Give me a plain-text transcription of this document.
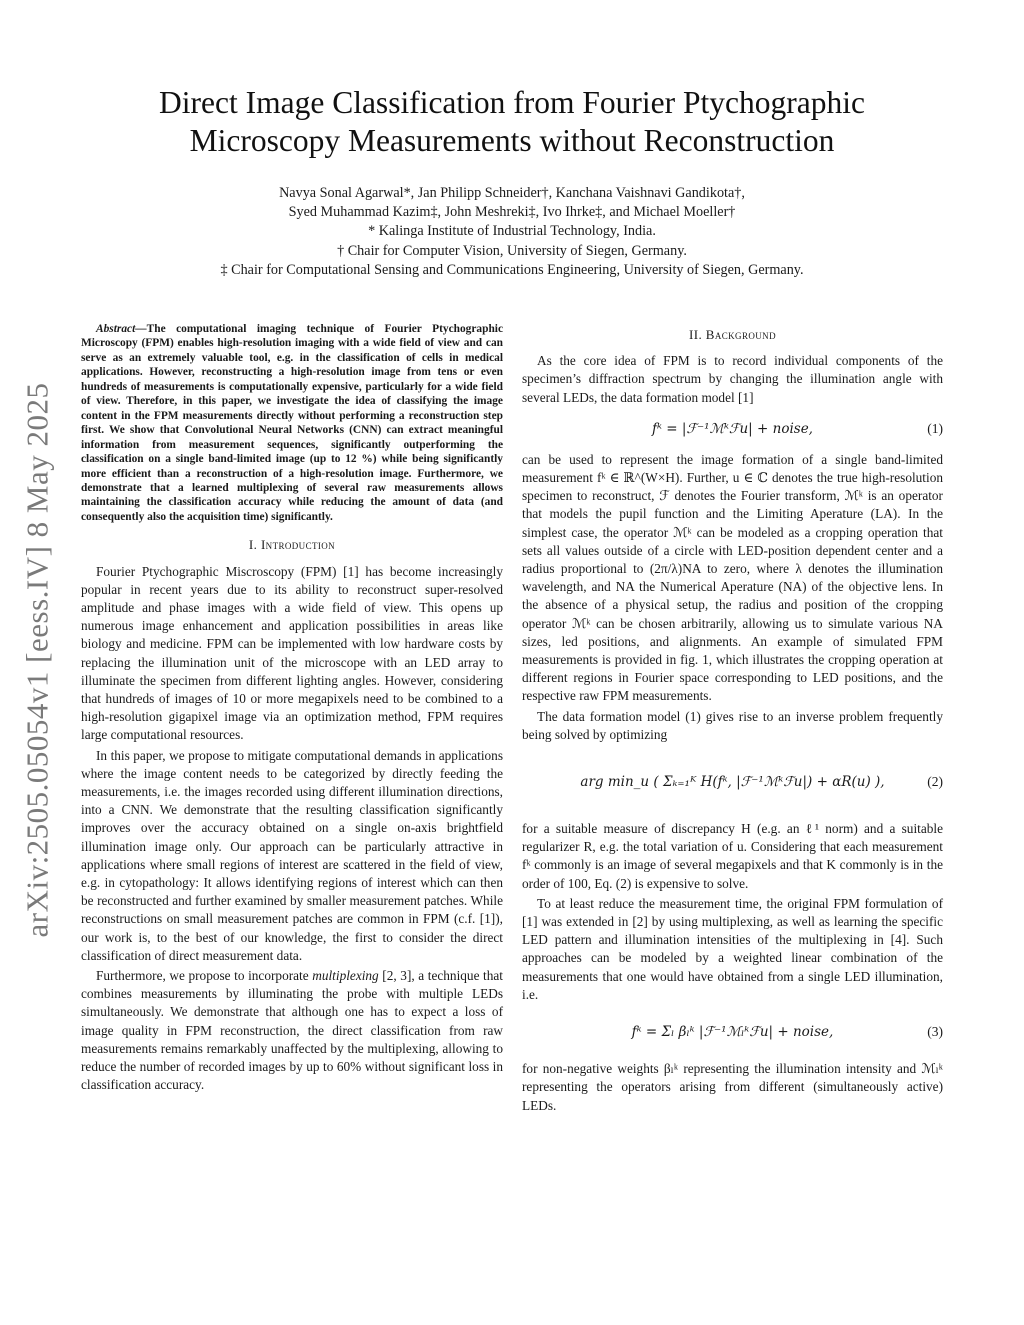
arXiv:2505.05054v1 [eess.IV] 8 May 2025
Direct Image Classification from Fourier Ptychographic
Microscopy Measurements without Reconstruction
Navya Sonal Agarwal*, Jan Philipp Schneider†, Kanchana Vaishnavi Gandikota†,
Syed Muhammad Kazim‡, John Meshreki‡, Ivo Ihrke‡, and Michael Moeller†
* Kalinga Institute of Industrial Technology, India.
† Chair for Computer Vision, University of Siegen, Germany.
‡ Chair for Computational Sensing and Communications Engineering, University of Siegen, Germany.

Abstract—The computational imaging technique of Fourier Ptychographic Microscopy (FPM) enables high-resolution imaging with a wide field of view and can serve as an extremely valuable tool, e.g. in the classification of cells in medical applications. However, reconstructing a high-resolution image from tens or even hundreds of measurements is computationally expensive, particularly for a wide field of view. Therefore, in this paper, we investigate the idea of classifying the image content in the FPM measurements directly without performing a reconstruction step first. We show that Convolutional Neural Networks (CNN) can extract meaningful information from measurement sequences, significantly outperforming the classification on a single band-limited image (up to 12 %) while being significantly more efficient than a reconstruction of a high-resolution image. Furthermore, we demonstrate that a learned multiplexing of several raw measurements allows maintaining the classification accuracy while reducing the amount of data (and consequently also the acquisition time) significantly.

I. Introduction

Fourier Ptychographic Miscroscopy (FPM) [1] has become increasingly popular in recent years due to its ability to reconstruct super-resolved amplitude and phase images with a wide field of view. This opens up numerous image enhancement and application possibilities in areas like biology and medicine. FPM can be implemented with low hardware costs by replacing the illumination unit of the microscope with an LED array to illuminate the specimen from different lighting angles. However, considering that hundreds of images of 10 or more megapixels need to be combined to a high-resolution gigapixel image via an optimization method, FPM requires large computational resources.

In this paper, we propose to mitigate computational demands in applications where the image content needs to be categorized by directly feeding the measurements, i.e. the images recorded using different illumination directions, into a CNN. We demonstrate that the resulting classification significantly improves over the accuracy obtained on a single on-axis brightfield illumination image only. Our approach can be particularly attractive in applications where small regions of interest are scattered in the field of view, e.g. in cytopathology: It allows identifying regions of interest which can then be reconstructed and further examined by smaller measurement patches. While reconstructions on small measurement patches are common in FPM (c.f. [1]), our work is, to the best of our knowledge, the first to consider the direct classification of direct measurement data.

Furthermore, we propose to incorporate multiplexing [2, 3], a technique that combines measurements by illuminating the probe with multiple LEDs simultaneously. We demonstrate that although one has to expect a loss of image quality in FPM reconstruction, the direct classification from raw measurements remains remarkably unaffected by the multiplexing, allowing to reduce the number of recorded images by up to 60% without significant loss in classification accuracy.

II. Background

As the core idea of FPM is to record individual components of the specimen’s diffraction spectrum by changing the illumination angle with several LEDs, the data formation model [1]

fᵏ = |ℱ⁻¹ℳᵏℱu| + noise,	(1)

can be used to represent the image formation of a single band-limited measurement fᵏ ∈ ℝ^(W×H). Further, u ∈ ℂ denotes the true high-resolution specimen to reconstruct, ℱ denotes the Fourier transform, ℳᵏ is an operator that models the pupil function and the Limiting Aperature (LA). In the simplest case, the operator ℳᵏ can be modeled as a cropping operation that sets all values outside of a circle with LED-position dependent center and a radius proportional to (2π/λ)NA to zero, where λ denotes the illumination wavelength, and NA the Numerical Aperature (NA) of the objective lens. In the absence of a physical setup, the radius and position of the cropping operator ℳᵏ can be chosen arbitrarily, allowing us to simulate various NA sizes, led positions, and alignments. An example of simulated FPM measurements is provided in fig. 1, which illustrates the cropping operation at different regions in Fourier space corresponding to LED positions, and the respective raw FPM measurements.

The data formation model (1) gives rise to an inverse problem frequently being solved by optimizing

arg min_u ( Σₖ₌₁ᴷ H(fᵏ, |ℱ⁻¹ℳᵏℱu|) + αR(u) ),	(2)

for a suitable measure of discrepancy H (e.g. an ℓ¹ norm) and a suitable regularizer R, e.g. the total variation of u. Considering that each measurement fᵏ commonly is an image of several megapixels and that K commonly is in the order of 100, Eq. (2) is expensive to solve.

To at least reduce the measurement time, the original FPM formulation of [1] was extended in [2] by using multiplexing, as well as learning the specific LED pattern and illumination intensities of the multiplexing in [4]. Such approaches can be modeled by a weighted linear combination of the measurements that one would have obtained from a single LED illumination, i.e.

fᵏ = Σₗ βₗᵏ |ℱ⁻¹ℳₗᵏℱu| + noise,	(3)

for non-negative weights βₗᵏ representing the illumination intensity and ℳₗᵏ representing the operators arising from different (simultaneously active) LEDs.
